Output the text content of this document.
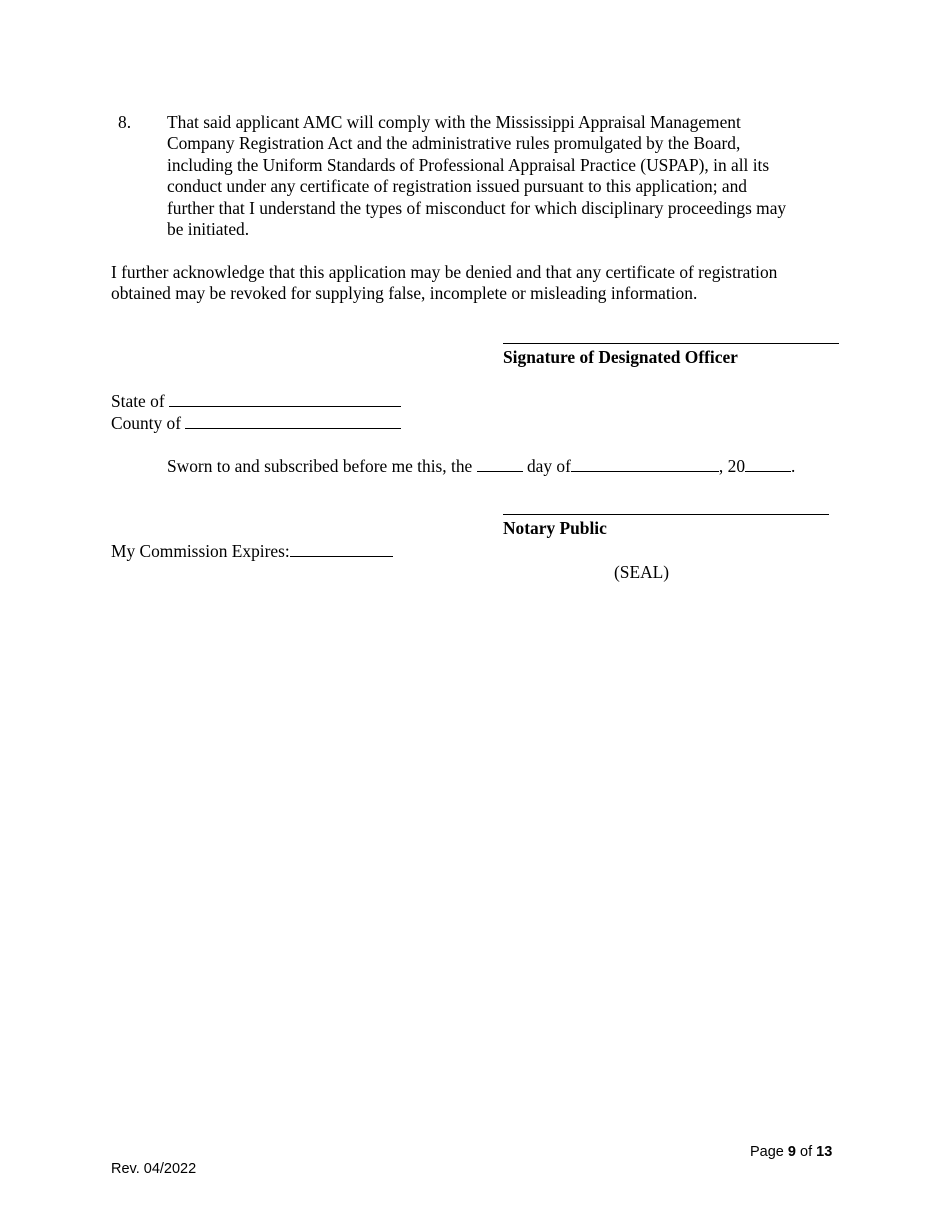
8. That said applicant AMC will comply with the Mississippi Appraisal Management
Company Registration Act and the administrative rules promulgated by the Board,
including the Uniform Standards of Professional Appraisal Practice (USPAP), in all its
conduct under any certificate of registration issued pursuant to this application; and
further that I understand the types of misconduct for which disciplinary proceedings may
be initiated.
I further acknowledge that this application may be denied and that any certificate of registration
obtained may be revoked for supplying false, incomplete or misleading information.
Signature of Designated Officer
State of
County of
Sworn to and subscribed before me this, the	day of	, 20	.
Notary Public
My Commission Expires:
(SEAL)
Page 9 of 13
Rev. 04/2022
